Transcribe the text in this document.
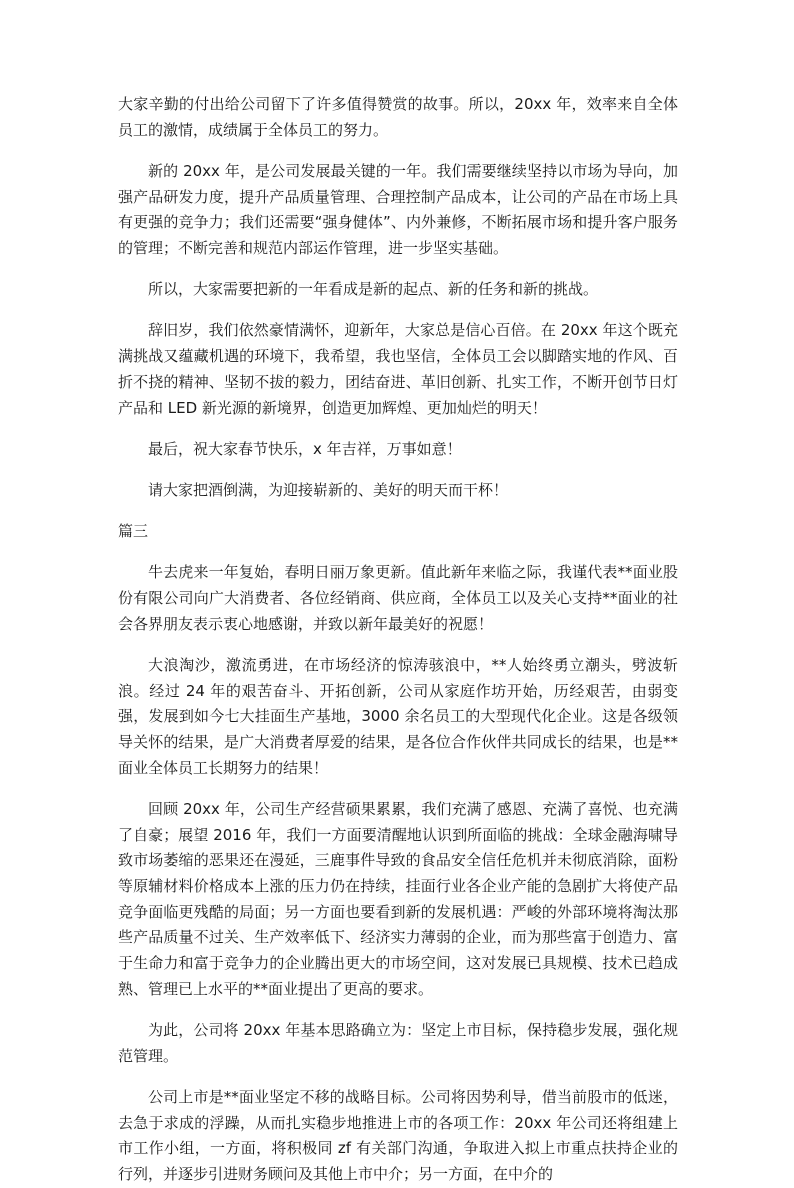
大家辛勤的付出给公司留下了许多值得赞赏的故事。所以，20xx 年，效率来自全体员工的激情，成绩属于全体员工的努力。

新的 20xx 年，是公司发展最关键的一年。我们需要继续坚持以市场为导向，加强产品研发力度，提升产品质量管理、合理控制产品成本，让公司的产品在市场上具有更强的竞争力；我们还需要“强身健体”、内外兼修，不断拓展市场和提升客户服务的管理；不断完善和规范内部运作管理，进一步坚实基础。

所以，大家需要把新的一年看成是新的起点、新的任务和新的挑战。

辞旧岁，我们依然豪情满怀，迎新年，大家总是信心百倍。在 20xx 年这个既充满挑战又蕴藏机遇的环境下，我希望，我也坚信，全体员工会以脚踏实地的作风、百折不挠的精神、坚韧不拔的毅力，团结奋进、革旧创新、扎实工作，不断开创节日灯产品和 LED 新光源的新境界，创造更加辉煌、更加灿烂的明天！

最后，祝大家春节快乐，x 年吉祥，万事如意！

请大家把酒倒满，为迎接崭新的、美好的明天而干杯！

篇三

牛去虎来一年复始，春明日丽万象更新。值此新年来临之际，我谨代表**面业股份有限公司向广大消费者、各位经销商、供应商，全体员工以及关心支持**面业的社会各界朋友表示衷心地感谢，并致以新年最美好的祝愿！

大浪淘沙，激流勇进，在市场经济的惊涛骇浪中，**人始终勇立潮头，劈波斩浪。经过 24 年的艰苦奋斗、开拓创新，公司从家庭作坊开始，历经艰苦，由弱变强，发展到如今七大挂面生产基地，3000 余名员工的大型现代化企业。这是各级领导关怀的结果，是广大消费者厚爱的结果，是各位合作伙伴共同成长的结果，也是**面业全体员工长期努力的结果！

回顾 20xx 年，公司生产经营硕果累累，我们充满了感恩、充满了喜悦、也充满了自豪；展望 2016 年，我们一方面要清醒地认识到所面临的挑战：全球金融海啸导致市场萎缩的恶果还在漫延，三鹿事件导致的食品安全信任危机并未彻底消除，面粉等原辅材料价格成本上涨的压力仍在持续，挂面行业各企业产能的急剧扩大将使产品竞争面临更残酷的局面；另一方面也要看到新的发展机遇：严峻的外部环境将淘汰那些产品质量不过关、生产效率低下、经济实力薄弱的企业，而为那些富于创造力、富于生命力和富于竞争力的企业腾出更大的市场空间，这对发展已具规模、技术已趋成熟、管理已上水平的**面业提出了更高的要求。

为此，公司将 20xx 年基本思路确立为：坚定上市目标，保持稳步发展，强化规范管理。

公司上市是**面业坚定不移的战略目标。公司将因势利导，借当前股市的低迷，去急于求成的浮躁，从而扎实稳步地推进上市的各项工作：20xx 年公司还将组建上市工作小组，一方面，将积极同 zf 有关部门沟通，争取进入拟上市重点扶持企业的行列，并逐步引进财务顾问及其他上市中介；另一方面，在中介的
